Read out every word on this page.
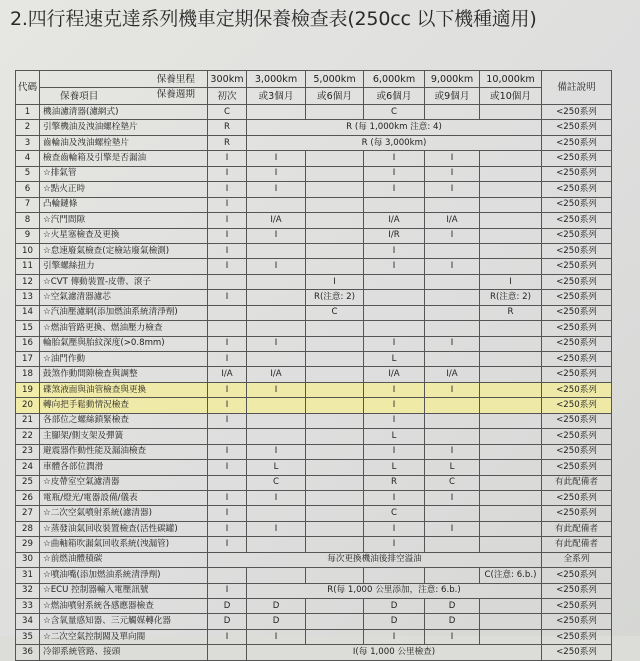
2.四行程速克達系列機車定期保養檢查表(250cc 以下機種適用)
代碼	保養里程	300km	3,000km	5,000km	6,000km	9,000km	10,000km	備註說明

	保養週期
保養項目	初次	或3個月	或6個月	或6個月	或9個月	或10個月	
1	機油濾清器(濾網式)	C			C			<250系列
2	引擎機油及洩油螺栓墊片	R	R (每 1,000km 注意: 4)					<250系列
3	齒輪油及洩油螺栓墊片	R	R (每 3,000km)					<250系列
4	檢查齒輪箱及引擎是否漏油	I	I		I	I		<250系列
5	☆排氣管	I	I		I	I		<250系列
6	☆點火正時	I	I		I	I		<250系列
7	凸輪鏈條	I						<250系列
8	☆汽門間隙	I	I/A		I/A	I/A		<250系列
9	☆火星塞檢查及更換	I	I		I/R	I		<250系列
10	☆怠速廢氣檢查(定檢站廢氣檢測)	I			I			<250系列
11	引擎螺絲扭力	I	I		I	I		<250系列
12	☆CVT 傳動裝置-皮帶、滾子			I			I	<250系列
13	☆空氣濾清器濾芯	I		R(注意: 2)			R(注意: 2)	<250系列
14	☆汽油壓濾網(添加燃油系統清淨劑)			C			R	<250系列
15	☆燃油管路更換、燃油壓力檢查							<250系列
16	輪胎氣壓與胎紋深度(>0.8mm)	I	I		I	I		<250系列
17	☆油門作動	I			L			<250系列
18	鼓煞作動間隙檢查與調整	I/A	I/A		I/A	I/A		<250系列
19	碟煞液面與油管檢查與更換	I	I		I	I		<250系列
20	轉向把手鬆動情況檢查	I			I			<250系列
21	各部位之螺絲鎖緊檢查	I			I			<250系列
22	主腳架/側支架及彈簧				L			<250系列
23	避震器作動性能及漏油檢查	I	I		I	I		<250系列
24	車體各部位潤滑	I	L		L	L		<250系列
25	☆皮帶室空氣濾清器		C		R	C		有此配備者
26	電瓶/燈光/電器設備/儀表	I	I		I	I		<250系列
27	☆二次空氣噴射系統(濾清器)	I			C			<250系列
28	☆蒸發油氣回收裝置檢查(活性碳罐)	I	I		I	I		有此配備者
29	☆曲軸箱吹漏氣回收系統(洩漏管)	I			I			有此配備者
30	☆前燃油體積碳	每次更換機油後排空溢油						全系列
31	☆噴油嘴(添加燃油系統清淨劑)						C(注意: 6.b.)	<250系列
32	☆ECU 控制器輸入電壓訊號	I	R(每 1,000 公里添加，注意: 6.b.)					<250系列
33	☆燃油噴射系統各感應器檢查	D	D		D	D		<250系列
34	☆含氧量感知器、三元觸媒轉化器	D	D		D	D		<250系列
35	☆二次空氣控制閥及單向閥	I	I		I	I		<250系列
36	冷卻系統管路、接頭		I(每 1,000 公里檢查)					<250系列
